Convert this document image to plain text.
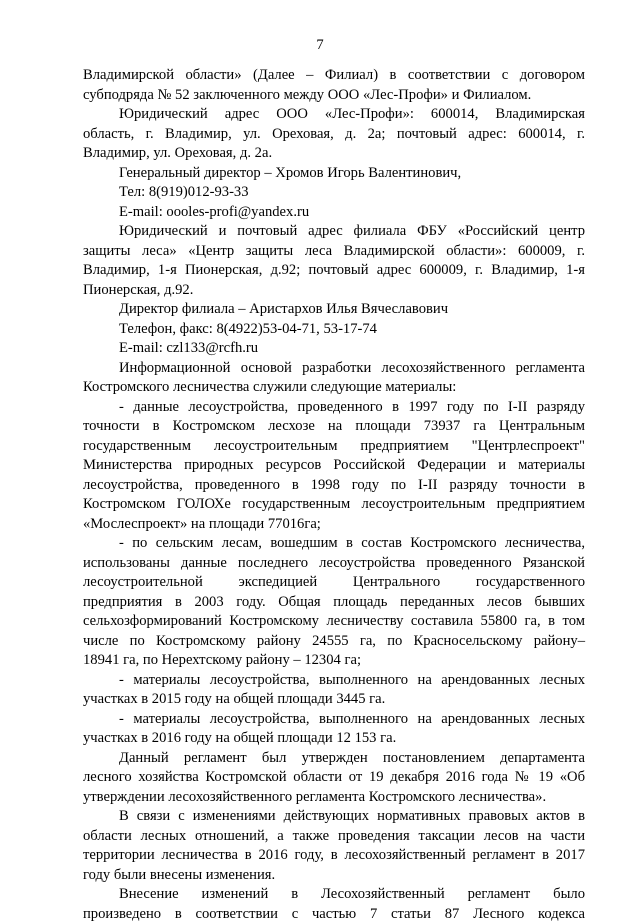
7

Владимирской области» (Далее – Филиал) в соответствии с договором

субподряда № 52 заключенного между ООО «Лес-Профи» и Филиалом.

Юридический адрес ООО «Лес-Профи»: 600014, Владимирская

область, г. Владимир, ул. Ореховая, д. 2а; почтовый адрес: 600014, г.

Владимир, ул. Ореховая, д. 2а.

Генеральный директор – Хромов Игорь Валентинович,

Тел: 8(919)012-93-33

E-mail: oooles-profi@yandex.ru

Юридический и почтовый адрес филиала ФБУ «Российский центр

защиты леса» «Центр защиты леса Владимирской области»: 600009, г.

Владимир, 1-я Пионерская, д.92; почтовый адрес 600009, г. Владимир, 1-я

Пионерская, д.92.

Директор филиала – Аристархов Илья Вячеславович

Телефон, факс: 8(4922)53-04-71, 53-17-74

E-mail: czl133@rcfh.ru

Информационной основой разработки лесохозяйственного регламента

Костромского лесничества служили следующие материалы:

- данные лесоустройства, проведенного в 1997 году по I-II разряду

точности в Костромском лесхозе на площади 73937 га Центральным

государственным лесоустроительным предприятием "Центрлеспроект"

Министерства природных ресурсов Российской Федерации и материалы

лесоустройства, проведенного в 1998 году по I-II разряду точности в

Костромском ГОЛОХе государственным лесоустроительным предприятием

«Мослеспроект» на площади 77016га;

- по сельским лесам, вошедшим в состав Костромского лесничества,

использованы данные последнего лесоустройства проведенного Рязанской

лесоустроительной экспедицией Центрального государственного

предприятия в 2003 году. Общая площадь переданных лесов бывших

сельхозформирований Костромскому лесничеству составила 55800 га, в том

числе по Костромскому району 24555 га, по Красносельскому району–

18941 га, по Нерехтскому району – 12304 га;

- материалы лесоустройства, выполненного на арендованных лесных

участках в 2015 году на общей площади 3445 га.

- материалы лесоустройства, выполненного на арендованных лесных

участках в 2016 году на общей площади 12 153 га.

Данный регламент был утвержден постановлением департамента

лесного хозяйства Костромской области от 19 декабря 2016 года № 19 «Об

утверждении лесохозяйственного регламента Костромского лесничества».

В связи с изменениями действующих нормативных правовых актов в

области лесных отношений, а также проведения таксации лесов на части

территории лесничества в 2016 году, в лесохозяйственный регламент в 2017

году были внесены изменения.

Внесение изменений в Лесохозяйственный регламент было

произведено в соответствии с частью 7 статьи 87 Лесного кодекса
